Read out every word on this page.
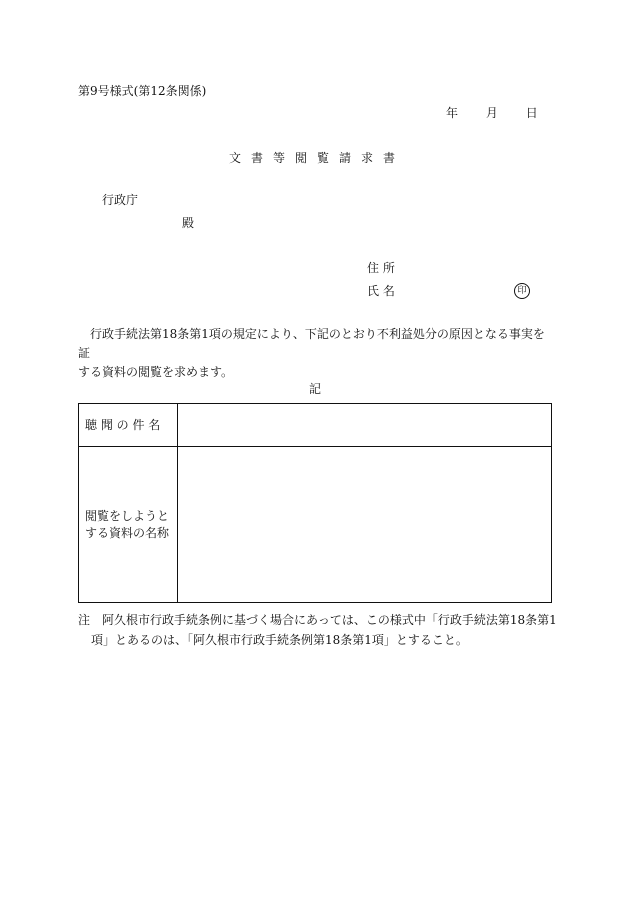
第9号様式(第12条関係)
年 月 日
文書等閲覧請求書
行政庁
殿
住 所
氏 名	印
行政手続法第18条第1項の規定により、下記のとおり不利益処分の原因となる事実を証
する資料の閲覧を求めます。
記
聴 聞 の 件 名	

閲覧をしようと
する資料の名称	

注　阿久根市行政手続条例に基づく場合にあっては、この様式中「行政手続法第18条第1
項」とあるのは、「阿久根市行政手続条例第18条第1項」とすること。
